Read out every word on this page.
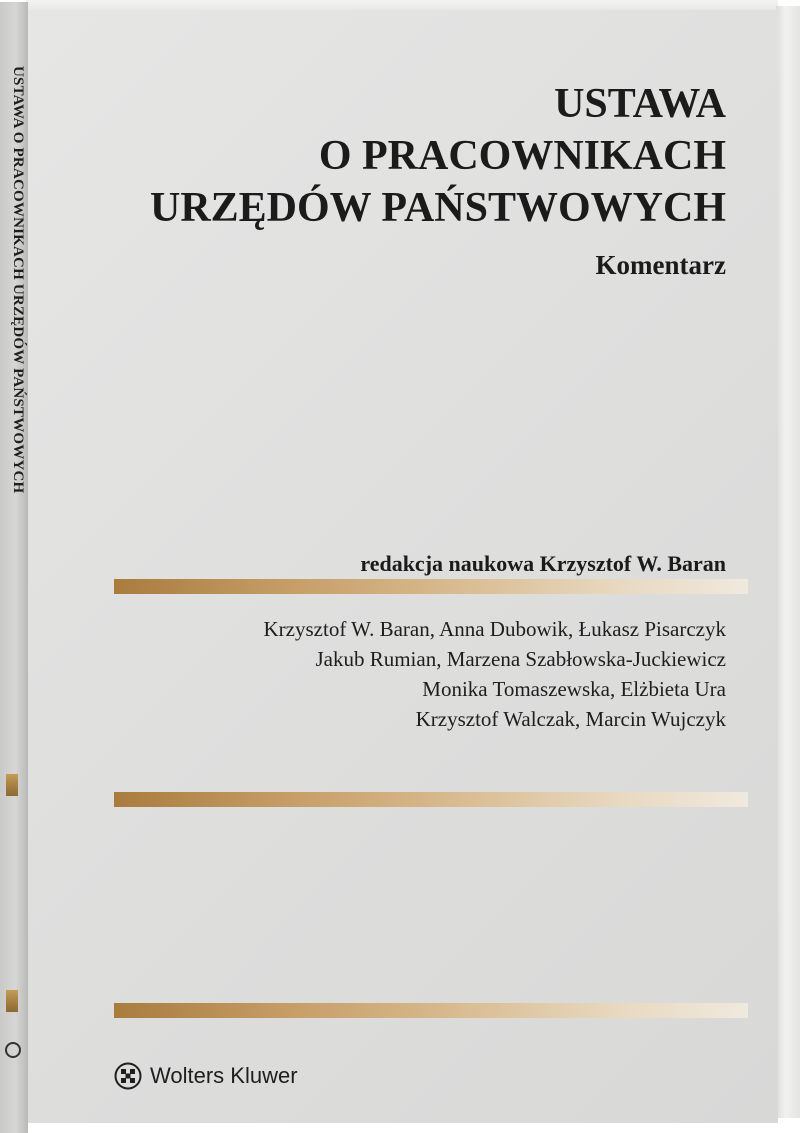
USTAWA O PRACOWNIKACH URZĘDÓW PAŃSTWOWYCH	USTAWA
O PRACOWNIKACH
URZĘDÓW PAŃSTWOWYCH
Komentarz
redakcja naukowa Krzysztof W. Baran
Krzysztof W. Baran, Anna Dubowik, Łukasz Pisarczyk
Jakub Rumian, Marzena Szabłowska-Juckiewicz
Monika Tomaszewska, Elżbieta Ura
Krzysztof Walczak, Marcin Wujczyk
Wolters Kluwer
